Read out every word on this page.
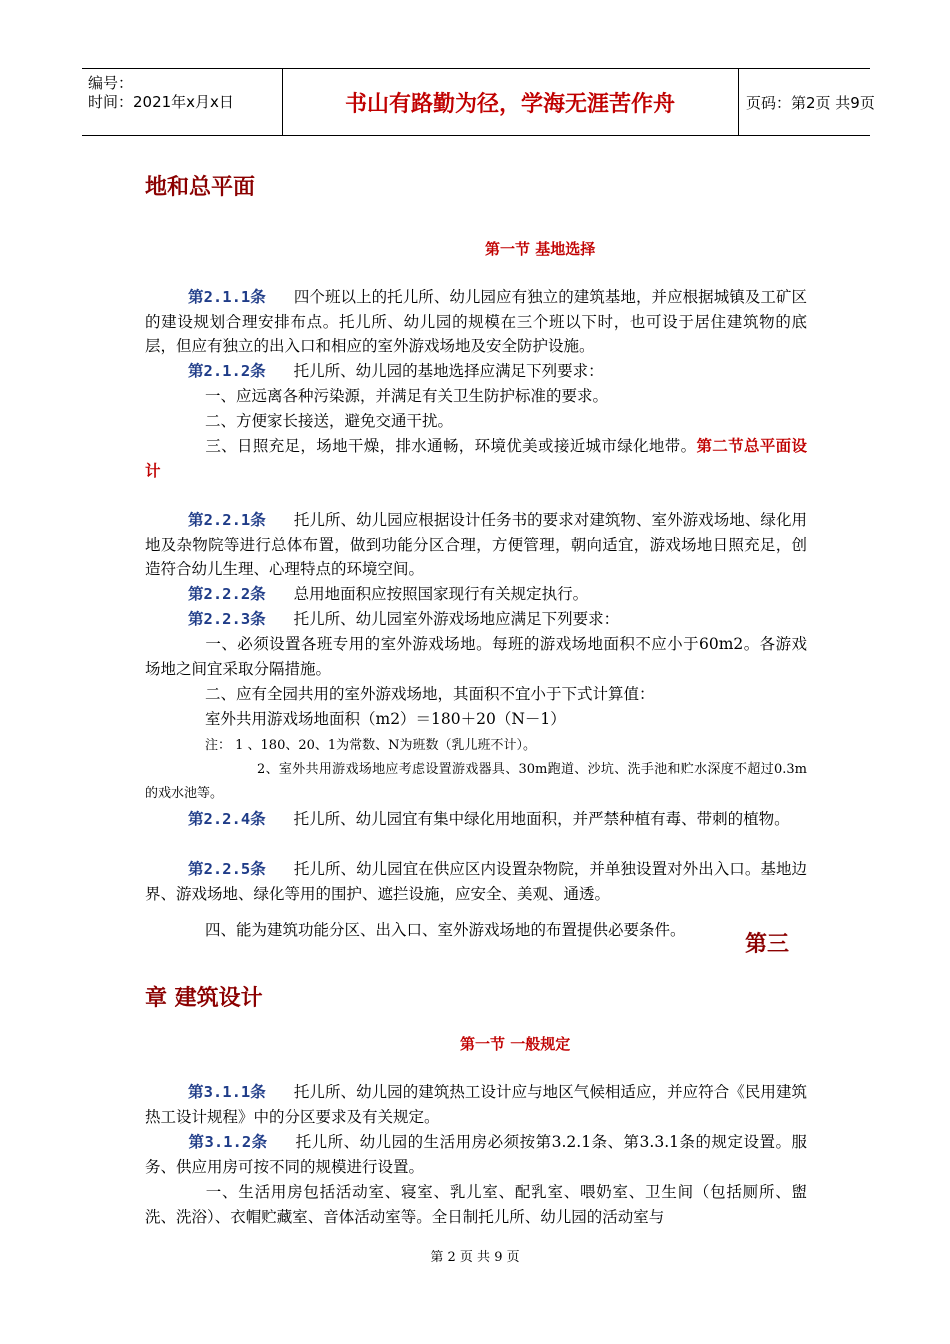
编号：
时间：2021年x月x日	书山有路勤为径，学海无涯苦作舟	页码：第2页 共9页
地和总平面
第一节 基地选择

第2.1.1条 四个班以上的托儿所、幼儿园应有独立的建筑基地，并应根据城镇及工矿区的建设规划合理安排布点。托儿所、幼儿园的规模在三个班以下时，也可设于居住建筑物的底层，但应有独立的出入口和相应的室外游戏场地及安全防护设施。

第2.1.2条 托儿所、幼儿园的基地选择应满足下列要求：

一、应远离各种污染源，并满足有关卫生防护标准的要求。

二、方便家长接送，避免交通干扰。

三、日照充足，场地干燥，排水通畅，环境优美或接近城市绿化地带。第二节总平面设计

第2.2.1条 托儿所、幼儿园应根据设计任务书的要求对建筑物、室外游戏场地、绿化用地及杂物院等进行总体布置，做到功能分区合理，方便管理，朝向适宜，游戏场地日照充足，创造符合幼儿生理、心理特点的环境空间。

第2.2.2条 总用地面积应按照国家现行有关规定执行。

第2.2.3条 托儿所、幼儿园室外游戏场地应满足下列要求：

一、必须设置各班专用的室外游戏场地。每班的游戏场地面积不应小于60m2。各游戏场地之间宜采取分隔措施。

二、应有全园共用的室外游戏场地，其面积不宜小于下式计算值：

室外共用游戏场地面积（m2）＝180＋20（N－1）

注： 1 、180、20、1为常数、N为班数（乳儿班不计）。

2、室外共用游戏场地应考虑设置游戏器具、30m跑道、沙坑、洗手池和贮水深度不超过0.3m的戏水池等。

第2.2.4条 托儿所、幼儿园宜有集中绿化用地面积，并严禁种植有毒、带刺的植物。

第2.2.5条 托儿所、幼儿园宜在供应区内设置杂物院，并单独设置对外出入口。基地边界、游戏场地、绿化等用的围护、遮拦设施，应安全、美观、通透。

四、能为建筑功能分区、出入口、室外游戏场地的布置提供必要条件。

第三章 建筑设计
第一节 一般规定

第3.1.1条 托儿所、幼儿园的建筑热工设计应与地区气候相适应，并应符合《民用建筑热工设计规程》中的分区要求及有关规定。

第3.1.2条 托儿所、幼儿园的生活用房必须按第3.2.1条、第3.3.1条的规定设置。服务、供应用房可按不同的规模进行设置。

一、生活用房包括活动室、寝室、乳儿室、配乳室、喂奶室、卫生间（包括厕所、盥洗、洗浴）、衣帽贮藏室、音体活动室等。全日制托儿所、幼儿园的活动室与

第 2 页 共 9 页
